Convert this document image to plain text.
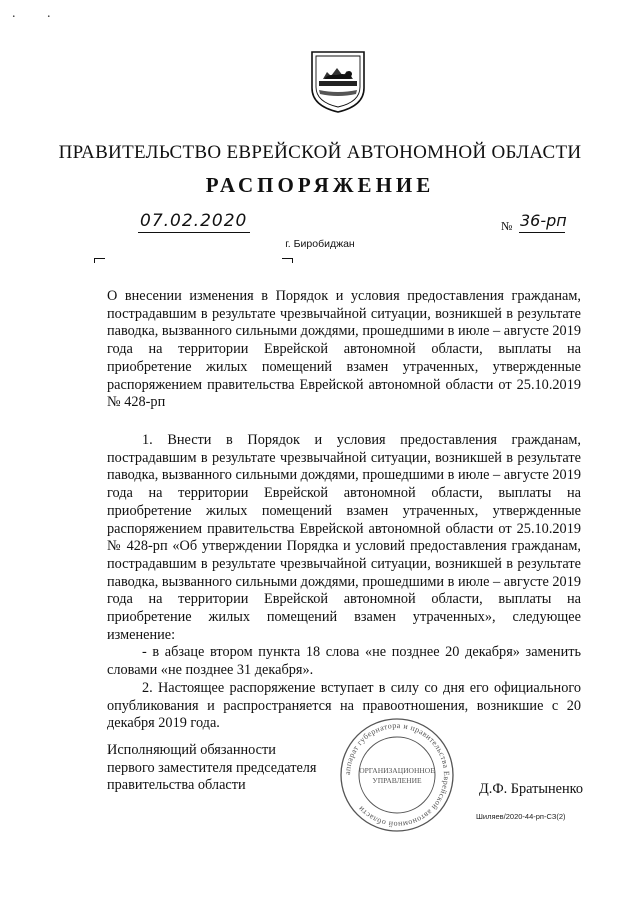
. .
ПРАВИТЕЛЬСТВО ЕВРЕЙСКОЙ АВТОНОМНОЙ ОБЛАСТИ
РАСПОРЯЖЕНИЕ
07.02.2020	№ 36-рп
г. Биробиджан
О внесении изменения в Порядок и условия предоставления гражданам, пострадавшим в результате чрезвычайной ситуации, возникшей в результате паводка, вызванного сильными дождями, прошедшими в июле – августе 2019 года на территории Еврейской автономной области, выплаты на приобретение жилых помещений взамен утраченных, утвержденные распоряжением правительства Еврейской автономной области от 25.10.2019 № 428-рп

1. Внести в Порядок и условия предоставления гражданам, пострадавшим в результате чрезвычайной ситуации, возникшей в результате паводка, вызванного сильными дождями, прошедшими в июле – августе 2019 года на территории Еврейской автономной области, выплаты на приобретение жилых помещений взамен утраченных, утвержденные распоряжением правительства Еврейской автономной области от 25.10.2019 № 428-рп «Об утверждении Порядка и условий предоставления гражданам, пострадавшим в результате чрезвычайной ситуации, возникшей в результате паводка, вызванного сильными дождями, прошедшими в июле – августе 2019 года на территории Еврейской автономной области, выплаты на приобретение жилых помещений взамен утраченных», следующее изменение:

- в абзаце втором пункта 18 слова «не позднее 20 декабря» заменить словами «не позднее 31 декабря».

2. Настоящее распоряжение вступает в силу со дня его официального опубликования и распространяется на правоотношения, возникшие с 20 декабря 2019 года.

Исполняющий обязанности
первого заместителя председателя
правительства области
аппарат губернатора и правительства Еврейской автономной области
ОРГАНИЗАЦИОННОЕ
УПРАВЛЕНИЕ
Д.Ф. Братыненко
Шиляев/2020-44-рп-СЗ(2)
